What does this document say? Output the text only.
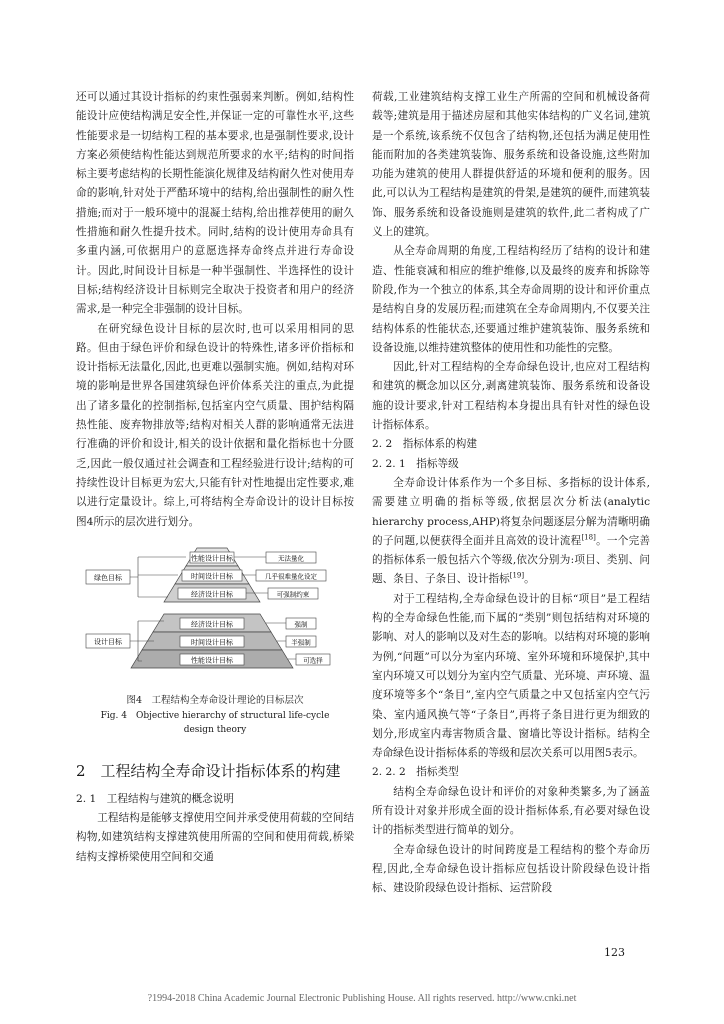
还可以通过其设计指标的约束性强弱来判断。例如,结构性能设计应使结构满足安全性,并保证一定的可靠性水平,这些性能要求是一切结构工程的基本要求,也是强制性要求,设计方案必须使结构性能达到规范所要求的水平;结构的时间指标主要考虑结构的长期性能演化规律及结构耐久性对使用寿命的影响,针对处于严酷环境中的结构,给出强制性的耐久性措施;而对于一般环境中的混凝土结构,给出推荐使用的耐久性措施和耐久性提升技术。同时,结构的设计使用寿命具有多重内涵,可依据用户的意愿选择寿命终点并进行寿命设计。因此,时间设计目标是一种半强制性、半选择性的设计目标;结构经济设计目标则完全取决于投资者和用户的经济需求,是一种完全非强制的设计目标。

在研究绿色设计目标的层次时,也可以采用相同的思路。但由于绿色评价和绿色设计的特殊性,诸多评价指标和设计指标无法量化,因此,也更难以强制实施。例如,结构对环境的影响是世界各国建筑绿色评价体系关注的重点,为此提出了诸多量化的控制指标,包括室内空气质量、围护结构隔热性能、废弃物排放等;结构对相关人群的影响通常无法进行准确的评价和设计,相关的设计依据和量化指标也十分匮乏,因此一般仅通过社会调查和工程经验进行设计;结构的可持续性设计目标更为宏大,只能有针对性地提出定性要求,难以进行定量设计。综上,可将结构全寿命设计的设计目标按图4所示的层次进行划分。

性能设计目标
时间设计目标
经济设计目标
经济设计目标
时间设计目标
性能设计目标
绿色目标
设计目标
无法量化
几乎很难量化设定
可强制约束
强制
半强制
可选择
图4　工程结构全寿命设计理论的目标层次
Fig. 4　Objective hierarchy of structural life-cycle
design theory
2　工程结构全寿命设计指标体系的构建

2. 1　工程结构与建筑的概念说明

工程结构是能够支撑使用空间并承受使用荷载的空间结构物,如建筑结构支撑建筑使用所需的空间和使用荷载,桥梁结构支撑桥梁使用空间和交通

荷载,工业建筑结构支撑工业生产所需的空间和机械设备荷载等;建筑是用于描述房屋和其他实体结构的广义名词,建筑是一个系统,该系统不仅包含了结构物,还包括为满足使用性能而附加的各类建筑装饰、服务系统和设备设施,这些附加功能为建筑的使用人群提供舒适的环境和便利的服务。因此,可以认为工程结构是建筑的骨架,是建筑的硬件,而建筑装饰、服务系统和设备设施则是建筑的软件,此二者构成了广义上的建筑。

从全寿命周期的角度,工程结构经历了结构的设计和建造、性能衰减和相应的维护维修,以及最终的废弃和拆除等阶段,作为一个独立的体系,其全寿命周期的设计和评价重点是结构自身的发展历程;而建筑在全寿命周期内,不仅要关注结构体系的性能状态,还要通过维护建筑装饰、服务系统和设备设施,以维持建筑整体的使用性和功能性的完整。

因此,针对工程结构的全寿命绿色设计,也应对工程结构和建筑的概念加以区分,剥离建筑装饰、服务系统和设备设施的设计要求,针对工程结构本身提出具有针对性的绿色设计指标体系。

2. 2　指标体系的构建

2. 2. 1　指标等级

全寿命设计体系作为一个多目标、多指标的设计体系,需要建立明确的指标等级,依据层次分析法(analytic hierarchy process,AHP)将复杂问题逐层分解为清晰明确的子问题,以便获得全面并且高效的设计流程[18]。一个完善的指标体系一般包括六个等级,依次分别为:项目、类别、问题、条目、子条目、设计指标[19]。

对于工程结构,全寿命绿色设计的目标“项目”是工程结构的全寿命绿色性能,而下属的“类别”则包括结构对环境的影响、对人的影响以及对生态的影响。以结构对环境的影响为例,“问题”可以分为室内环境、室外环境和环境保护,其中室内环境又可以划分为室内空气质量、光环境、声环境、温度环境等多个“条目”,室内空气质量之中又包括室内空气污染、室内通风换气等“子条目”,再将子条目进行更为细致的划分,形成室内毒害物质含量、窗墙比等设计指标。结构全寿命绿色设计指标体系的等级和层次关系可以用图5表示。

2. 2. 2　指标类型

结构全寿命绿色设计和评价的对象种类繁多,为了涵盖所有设计对象并形成全面的设计指标体系,有必要对绿色设计的指标类型进行简单的划分。

全寿命绿色设计的时间跨度是工程结构的整个寿命历程,因此,全寿命绿色设计指标应包括设计阶段绿色设计指标、建设阶段绿色设计指标、运营阶段

123
?1994-2018 China Academic Journal Electronic Publishing House. All rights reserved. http://www.cnki.net
